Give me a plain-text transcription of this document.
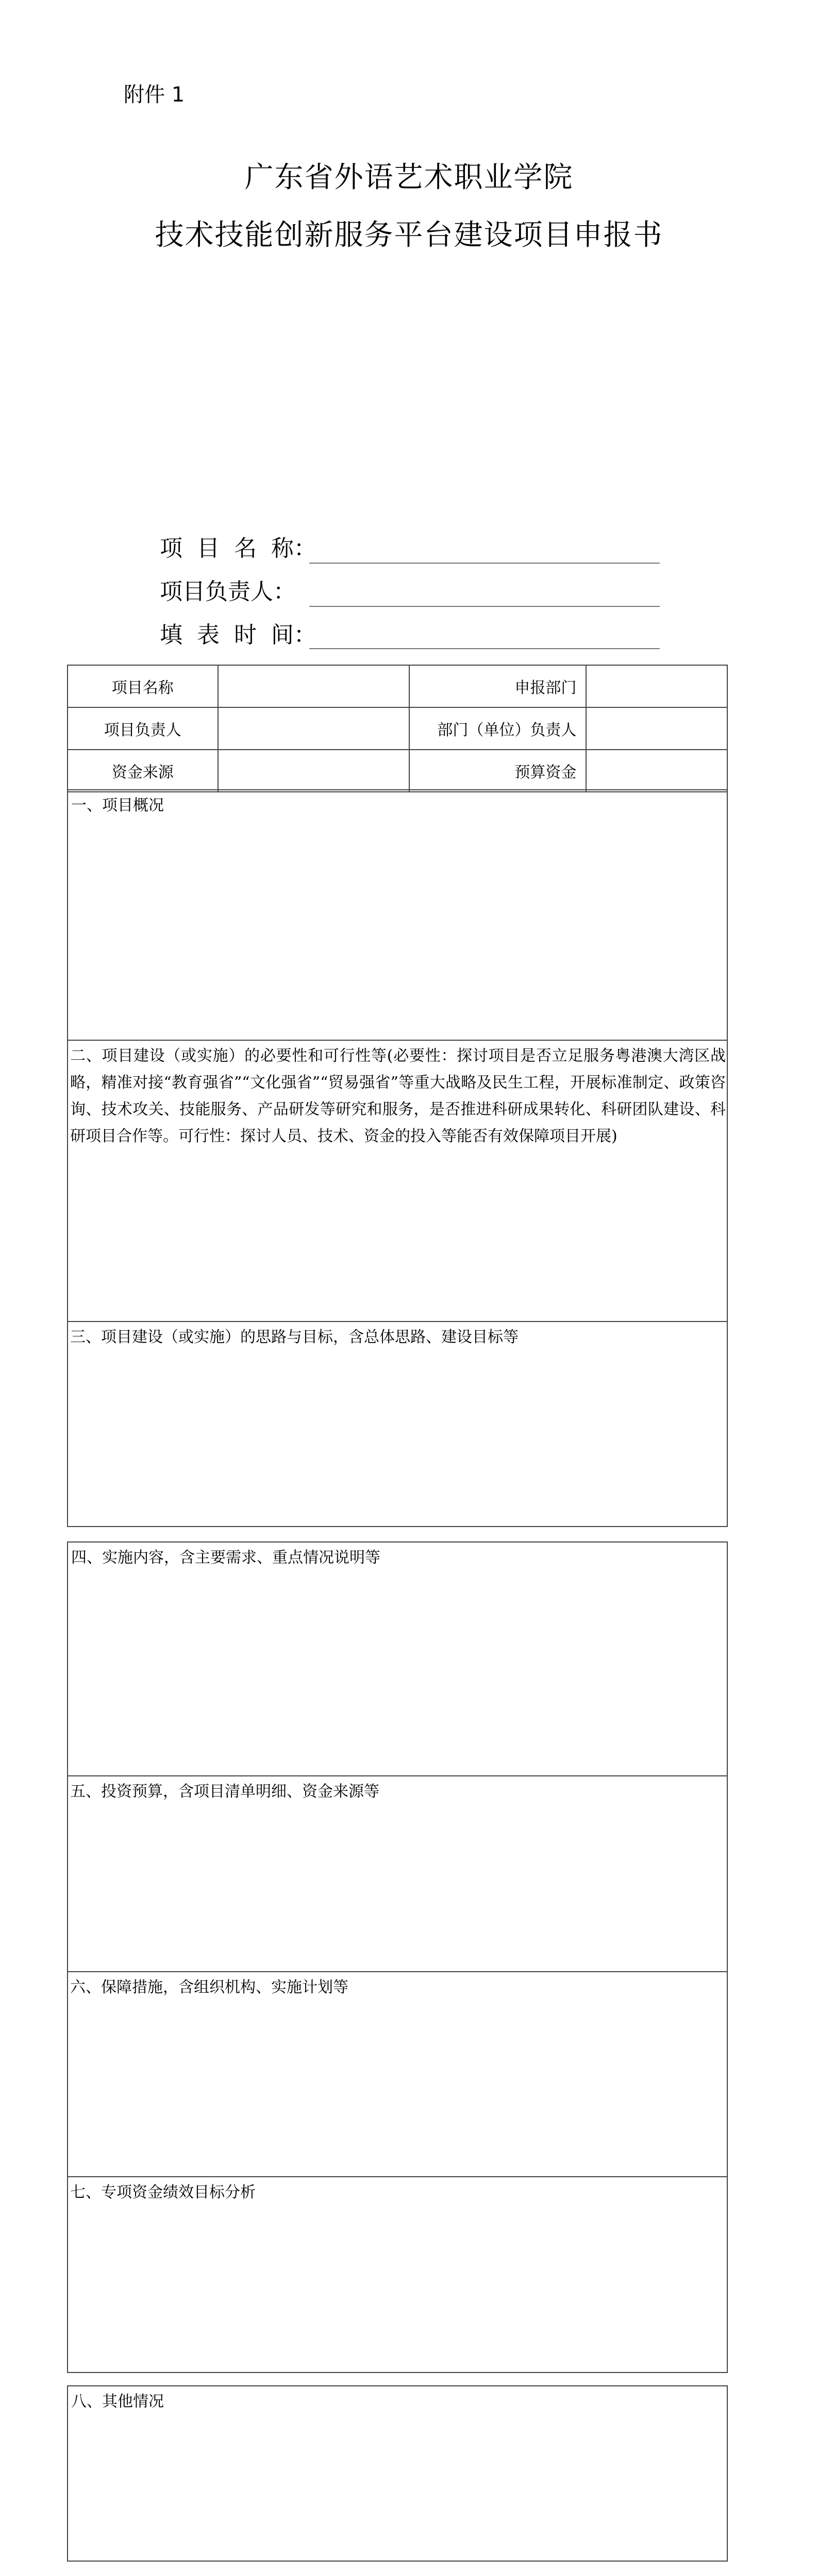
附件 1
广东省外语艺术职业学院
技术技能创新服务平台建设项目申报书
项  目  名  称：
项目负责人：
填  表  时  间：
项目名称		申报部门	
项目负责人		部门（单位）负责人	
资金来源		预算资金	
一、项目概况
二、项目建设（或实施）的必要性和可行性等(必要性：探讨项目是否立足服务粤港澳大湾区战略，精准对接“教育强省”“文化强省”“贸易强省”等重大战略及民生工程，开展标准制定、政策咨询、技术攻关、技能服务、产品研发等研究和服务，是否推进科研成果转化、科研团队建设、科研项目合作等。可行性：探讨人员、技术、资金的投入等能否有效保障项目开展)
三、项目建设（或实施）的思路与目标，含总体思路、建设目标等
四、实施内容，含主要需求、重点情况说明等
五、投资预算，含项目清单明细、资金来源等
六、保障措施，含组织机构、实施计划等
七、专项资金绩效目标分析
八、其他情况
